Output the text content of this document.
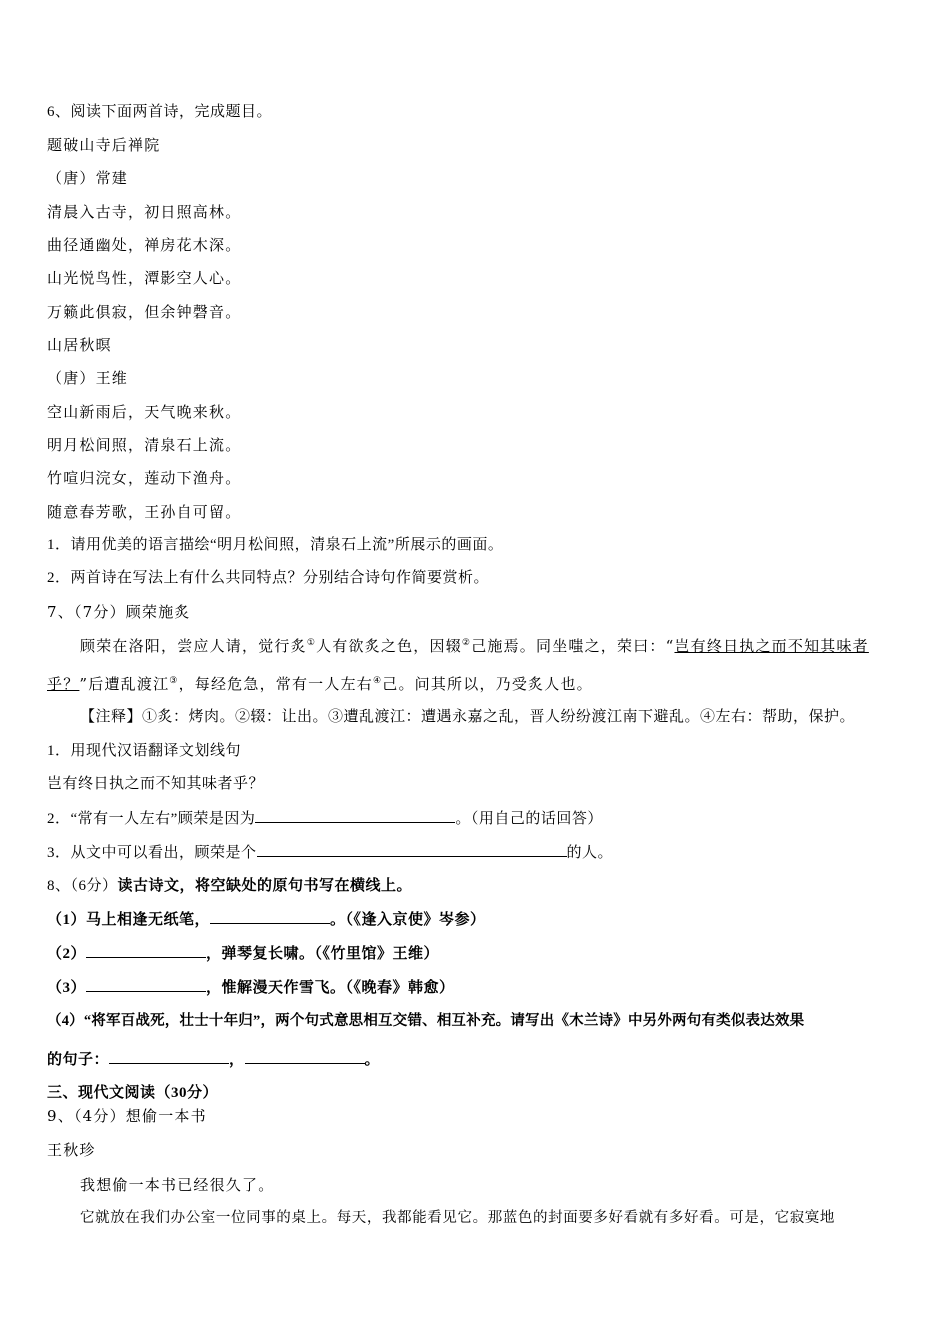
6、阅读下面两首诗，完成题目。
题破山寺后禅院
（唐）常建
清晨入古寺，初日照高林。
曲径通幽处，禅房花木深。
山光悦鸟性，潭影空人心。
万籁此俱寂，但余钟磬音。
山居秋暝
（唐）王维
空山新雨后，天气晚来秋。
明月松间照，清泉石上流。
竹喧归浣女，莲动下渔舟。
随意春芳歌，王孙自可留。
1．请用优美的语言描绘“明月松间照，清泉石上流”所展示的画面。
2．两首诗在写法上有什么共同特点？分别结合诗句作简要赏析。
7、（7分）顾荣施炙
顾荣在洛阳，尝应人请，觉行炙①人有欲炙之色，因辍②己施焉。同坐嗤之，荣曰：“岂有终日执之而不知其味者
乎？”后遭乱渡江③，每经危急，常有一人左右④己。问其所以，乃受炙人也。
【注释】①炙：烤肉。②辍：让出。③遭乱渡江：遭遇永嘉之乱，晋人纷纷渡江南下避乱。④左右：帮助，保护。
1．用现代汉语翻译文划线句
岂有终日执之而不知其味者乎？
2．“常有一人左右”顾荣是因为	。（用自己的话回答）
3．从文中可以看出，顾荣是个	的人。
8、（6分）读古诗文，将空缺处的原句书写在横线上。
（1）马上相逢无纸笔，	。（《逢入京使》岑参）
（2）	，弹琴复长啸。（《竹里馆》王维）
（3）	，惟解漫天作雪飞。（《晚春》韩愈）
（4）“将军百战死，壮士十年归”，两个句式意思相互交错、相互补充。请写出《木兰诗》中另外两句有类似表达效果
的句子：	，	。
三、现代文阅读（30分）
9、（4分）想偷一本书
王秋珍
我想偷一本书已经很久了。
它就放在我们办公室一位同事的桌上。每天，我都能看见它。那蓝色的封面要多好看就有多好看。可是，它寂寞地
